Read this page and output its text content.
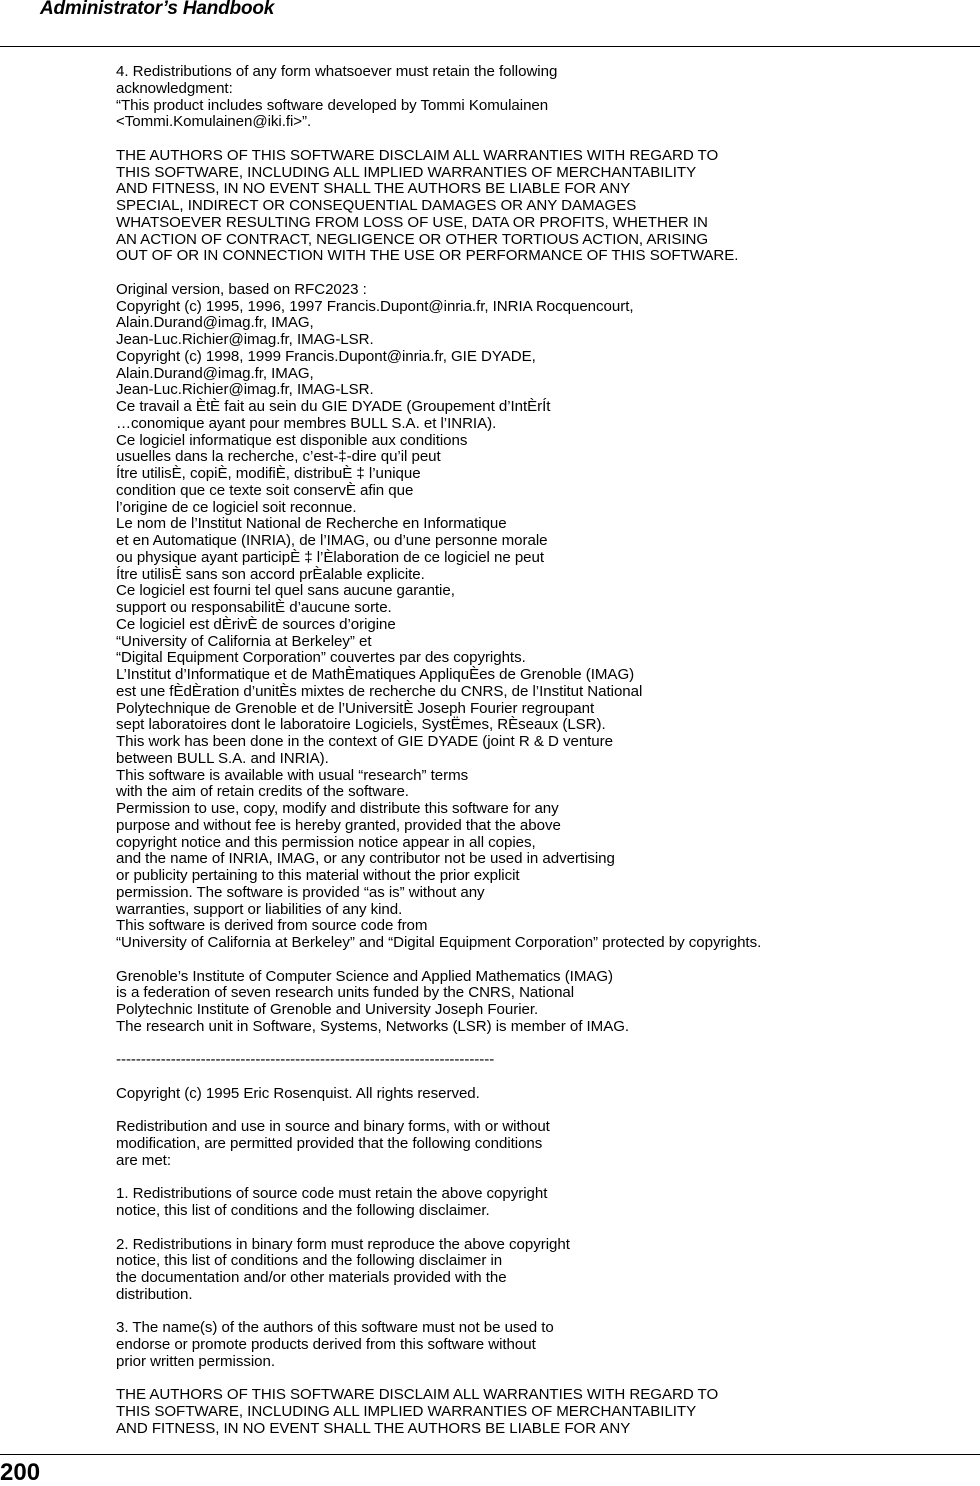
Administrator’s Handbook
4. Redistributions of any form whatsoever must retain the following
acknowledgment:
“This product includes software developed by Tommi Komulainen
<Tommi.Komulainen@iki.fi>”.
THE AUTHORS OF THIS SOFTWARE DISCLAIM ALL WARRANTIES WITH REGARD TO
THIS SOFTWARE, INCLUDING ALL IMPLIED WARRANTIES OF MERCHANTABILITY
AND FITNESS, IN NO EVENT SHALL THE AUTHORS BE LIABLE FOR ANY
SPECIAL, INDIRECT OR CONSEQUENTIAL DAMAGES OR ANY DAMAGES
WHATSOEVER RESULTING FROM LOSS OF USE, DATA OR PROFITS, WHETHER IN
AN ACTION OF CONTRACT, NEGLIGENCE OR OTHER TORTIOUS ACTION, ARISING
OUT OF OR IN CONNECTION WITH THE USE OR PERFORMANCE OF THIS SOFTWARE.
Original version, based on RFC2023 :
Copyright (c) 1995, 1996, 1997 Francis.Dupont@inria.fr, INRIA Rocquencourt,
Alain.Durand@imag.fr, IMAG,
Jean-Luc.Richier@imag.fr, IMAG-LSR.
Copyright (c) 1998, 1999 Francis.Dupont@inria.fr, GIE DYADE,
Alain.Durand@imag.fr, IMAG,
Jean-Luc.Richier@imag.fr, IMAG-LSR.
Ce travail a ÈtÈ fait au sein du GIE DYADE (Groupement d’IntÈrÍt
…conomique ayant pour membres BULL S.A. et l’INRIA).
Ce logiciel informatique est disponible aux conditions
usuelles dans la recherche, c’est-‡-dire qu’il peut
Ítre utilisÈ, copiÈ, modifiÈ, distribuÈ ‡ l’unique
condition que ce texte soit conservÈ afin que
l’origine de ce logiciel soit reconnue.
Le nom de l’Institut National de Recherche en Informatique
et en Automatique (INRIA), de l’IMAG, ou d’une personne morale
ou physique ayant participÈ ‡ l’Èlaboration de ce logiciel ne peut
Ítre utilisÈ sans son accord prÈalable explicite.
Ce logiciel est fourni tel quel sans aucune garantie,
support ou responsabilitÈ d’aucune sorte.
Ce logiciel est dÈrivÈ de sources d’origine
“University of California at Berkeley” et
“Digital Equipment Corporation” couvertes par des copyrights.
L’Institut d’Informatique et de MathÈmatiques AppliquÈes de Grenoble (IMAG)
est une fÈdÈration d’unitÈs mixtes de recherche du CNRS, de l’Institut National
Polytechnique de Grenoble et de l’UniversitÈ Joseph Fourier regroupant
sept laboratoires dont le laboratoire Logiciels, SystËmes, RÈseaux (LSR).
This work has been done in the context of GIE DYADE (joint R & D venture
between BULL S.A. and INRIA).
This software is available with usual “research” terms
with the aim of retain credits of the software.
Permission to use, copy, modify and distribute this software for any
purpose and without fee is hereby granted, provided that the above
copyright notice and this permission notice appear in all copies,
and the name of INRIA, IMAG, or any contributor not be used in advertising
or publicity pertaining to this material without the prior explicit
permission. The software is provided “as is” without any
warranties, support or liabilities of any kind.
This software is derived from source code from
“University of California at Berkeley” and “Digital Equipment Corporation” protected by copyrights.
Grenoble’s Institute of Computer Science and Applied Mathematics (IMAG)
is a federation of seven research units funded by the CNRS, National
Polytechnic Institute of Grenoble and University Joseph Fourier.
The research unit in Software, Systems, Networks (LSR) is member of IMAG.
----------------------------------------------------------------------------
Copyright (c) 1995 Eric Rosenquist. All rights reserved.
Redistribution and use in source and binary forms, with or without
modification, are permitted provided that the following conditions
are met:
1. Redistributions of source code must retain the above copyright
notice, this list of conditions and the following disclaimer.
2. Redistributions in binary form must reproduce the above copyright
notice, this list of conditions and the following disclaimer in
the documentation and/or other materials provided with the
distribution.
3. The name(s) of the authors of this software must not be used to
endorse or promote products derived from this software without
prior written permission.
THE AUTHORS OF THIS SOFTWARE DISCLAIM ALL WARRANTIES WITH REGARD TO
THIS SOFTWARE, INCLUDING ALL IMPLIED WARRANTIES OF MERCHANTABILITY
AND FITNESS, IN NO EVENT SHALL THE AUTHORS BE LIABLE FOR ANY
200
